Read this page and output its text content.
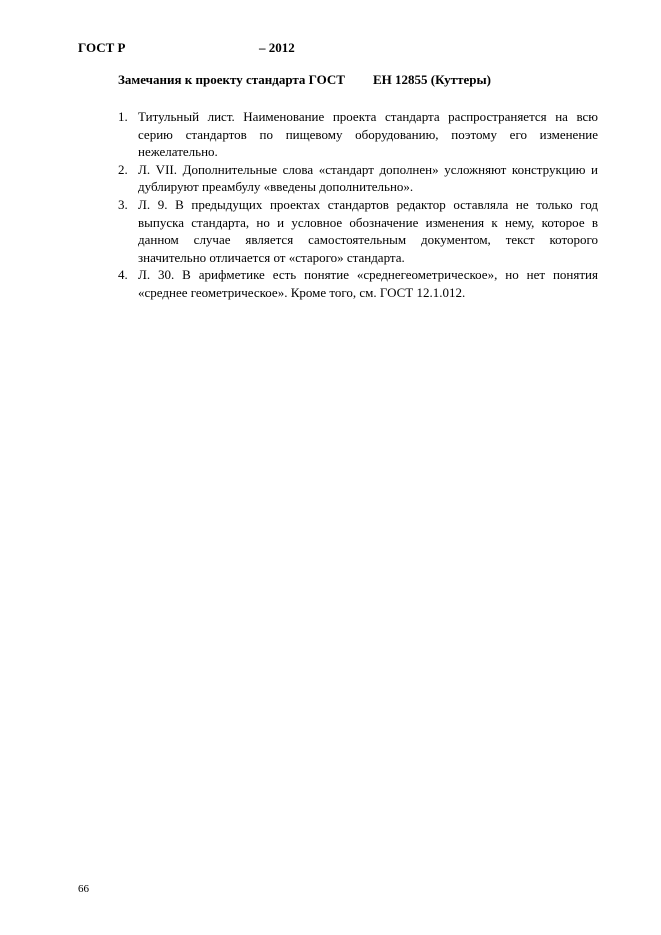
ГОСТ Р	– 2012
Замечания к проекту стандарта ГОСТ ЕН 12855 (Куттеры)
1. Титульный лист. Наименование проекта стандарта распространяется на всю серию стандартов по пищевому оборудованию, поэтому его изменение нежелательно.
2. Л. VII. Дополнительные слова «стандарт дополнен» усложняют конструкцию и дублируют преамбулу «введены дополнительно».
3. Л. 9. В предыдущих проектах стандартов редактор оставляла не только год выпуска стандарта, но и условное обозначение изменения к нему, которое в данном случае является самостоятельным документом, текст которого значительно отличается от «старого» стандарта.
4. Л. 30. В арифметике есть понятие «среднегеометрическое», но нет понятия «среднее геометрическое». Кроме того, см. ГОСТ 12.1.012.
66
